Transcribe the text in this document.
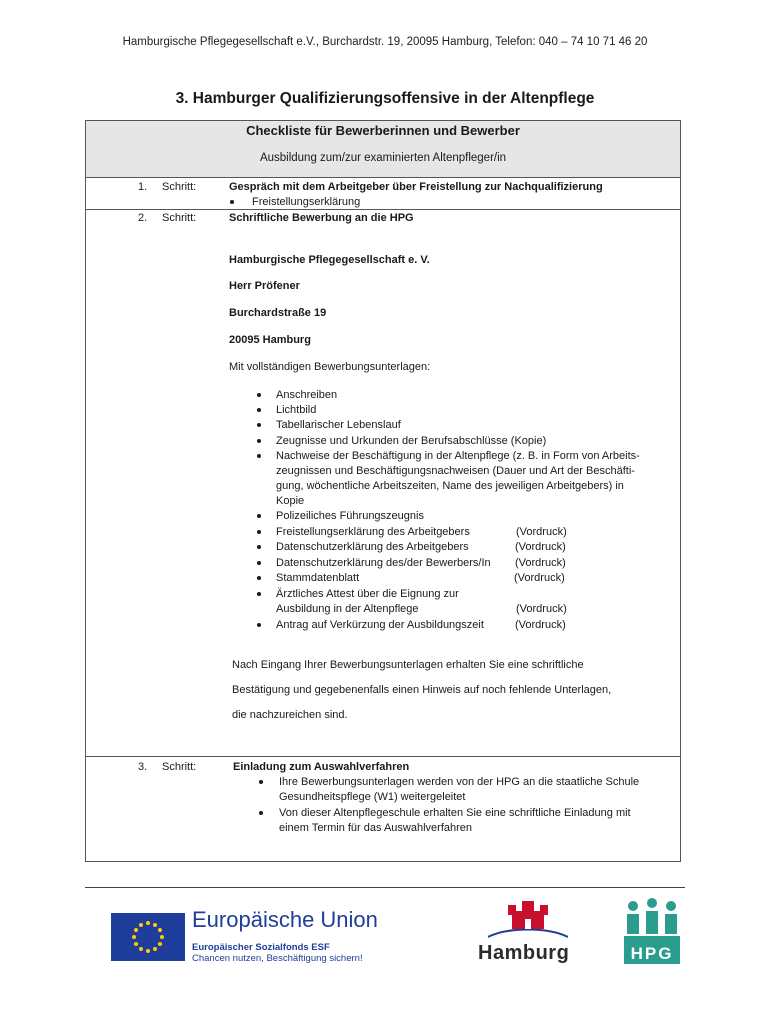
Hamburgische Pflegegesellschaft e.V., Burchardstr. 19, 20095 Hamburg, Telefon: 040 – 74 10 71 46 20
3. Hamburger Qualifizierungsoffensive in der Altenpflege
Checkliste für Bewerberinnen und Bewerber
Ausbildung zum/zur examinierten Altenpfleger/in
1. Schritt:	Gespräch mit dem Arbeitgeber über Freistellung zur Nachqualifizierung
Freistellungserklärung
2. Schritt:	Schriftliche Bewerbung an die HPG
Hamburgische Pflegegesellschaft e. V.
Herr Pröfener
Burchardstraße 19
20095 Hamburg
Mit vollständigen Bewerbungsunterlagen:
Anschreiben
Lichtbild
Tabellarischer Lebenslauf
Zeugnisse und Urkunden der Berufsabschlüsse (Kopie)
Nachweise der Beschäftigung in der Altenpflege (z. B. in Form von Arbeits-
zeugnissen und Beschäftigungsnachweisen (Dauer und Art der Beschäfti-
gung, wöchentliche Arbeitszeiten, Name des jeweiligen Arbeitgebers) in
Kopie
Polizeiliches Führungszeugnis
Freistellungserklärung des Arbeitgebers	(Vordruck)
Datenschutzerklärung des Arbeitgebers	(Vordruck)
Datenschutzerklärung des/der Bewerbers/In (Vordruck)
Stammdatenblatt	(Vordruck)
Ärztliches Attest über die Eignung zur
Ausbildung in der Altenpflege	(Vordruck)
Antrag auf Verkürzung der Ausbildungszeit	(Vordruck)
Nach Eingang Ihrer Bewerbungsunterlagen erhalten Sie eine schriftliche
Bestätigung und gegebenenfalls einen Hinweis auf noch fehlende Unterlagen,
die nachzureichen sind.
3. Schritt:	Einladung zum Auswahlverfahren
Ihre Bewerbungsunterlagen werden von der HPG an die staatliche Schule
Gesundheitspflege (W1) weitergeleitet
Von dieser Altenpflegeschule erhalten Sie eine schriftliche Einladung mit
einem Termin für das Auswahlverfahren
Europäische Union
Europäischer Sozialfonds ESF
Chancen nutzen, Beschäftigung sichern!	Hamburg	HPG
